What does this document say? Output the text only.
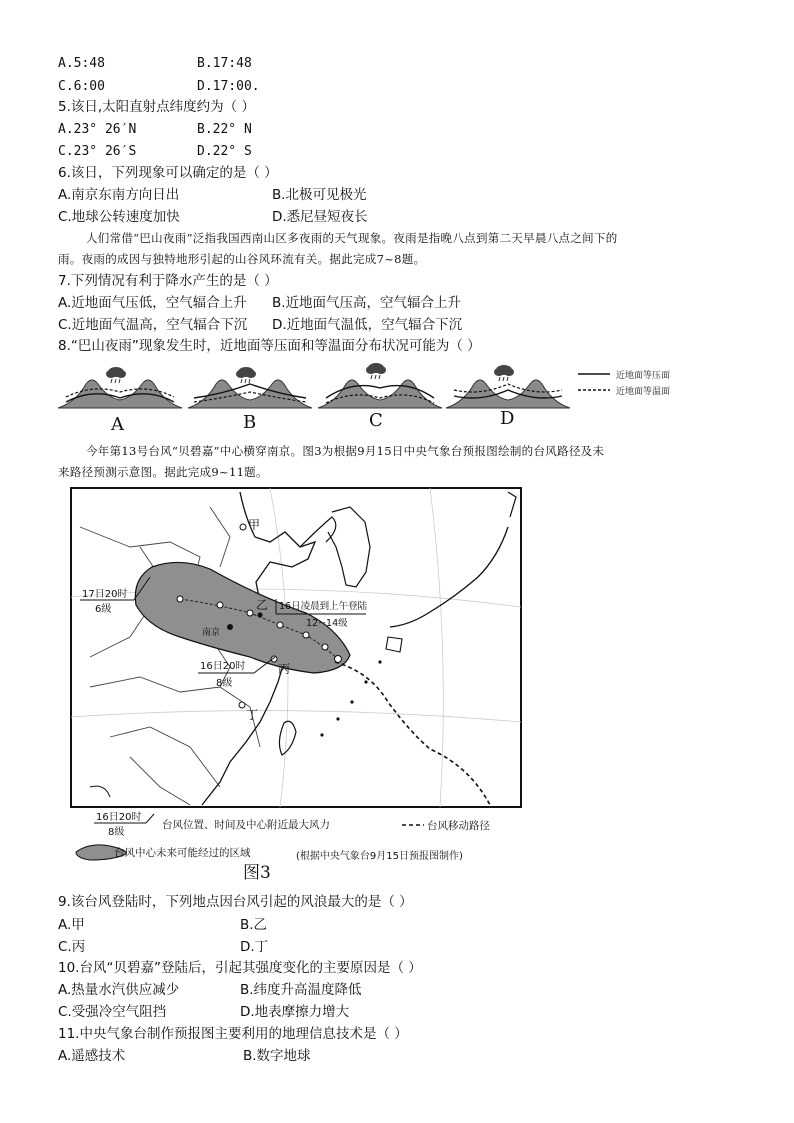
A.5:48	B.17:48
C.6:00	D.17:00.
5.该日,太阳直射点纬度约为（ ）
A.23° 26′N	B.22° N
C.23° 26′S	D.22° S
6.该日，下列现象可以确定的是（ ）
A.南京东南方向日出	B.北极可见极光
C.地球公转速度加快	D.悉尼昼短夜长
人们常借“巴山夜雨”泛指我国西南山区多夜雨的天气现象。夜雨是指晚八点到第二天早晨八点之间下的
雨。夜雨的成因与独特地形引起的山谷风环流有关。据此完成7~8题。
7.下列情况有利于降水产生的是（ ）
A.近地面气压低，空气辐合上升 B.近地面气压高，空气辐合上升
C.近地面气温高，空气辐合下沉 D.近地面气温低，空气辐合下沉
8.“巴山夜雨”现象发生时，近地面等压面和等温面分布状况可能为（ ）
近地面等压面
近地面等温面
A	B	C	D
今年第13号台风“贝碧嘉”中心横穿南京。图3为根据9月15日中央气象台预报图绘制的台风路径及未
来路径预测示意图。据此完成9~11题。
甲
乙
丙
丁
南京
17日20时
6级	16日凌晨到上午登陆
12~14级
16日20时
8级
16日20时
8级
台风位置、时间及中心附近最大风力	台风移动路径
台风中心未来可能经过的区域	(根据中央气象台9月15日预报图制作)
图3
9.该台风登陆时，下列地点因台风引起的风浪最大的是（ ）
A.甲	B.乙
C.丙	D.丁
10.台风“贝碧嘉”登陆后，引起其强度变化的主要原因是（ ）
A.热量水汽供应减少	B.纬度升高温度降低
C.受强冷空气阻挡	D.地表摩擦力增大
11.中央气象台制作预报图主要利用的地理信息技术是（ ）
A.遥感技术	B.数字地球
